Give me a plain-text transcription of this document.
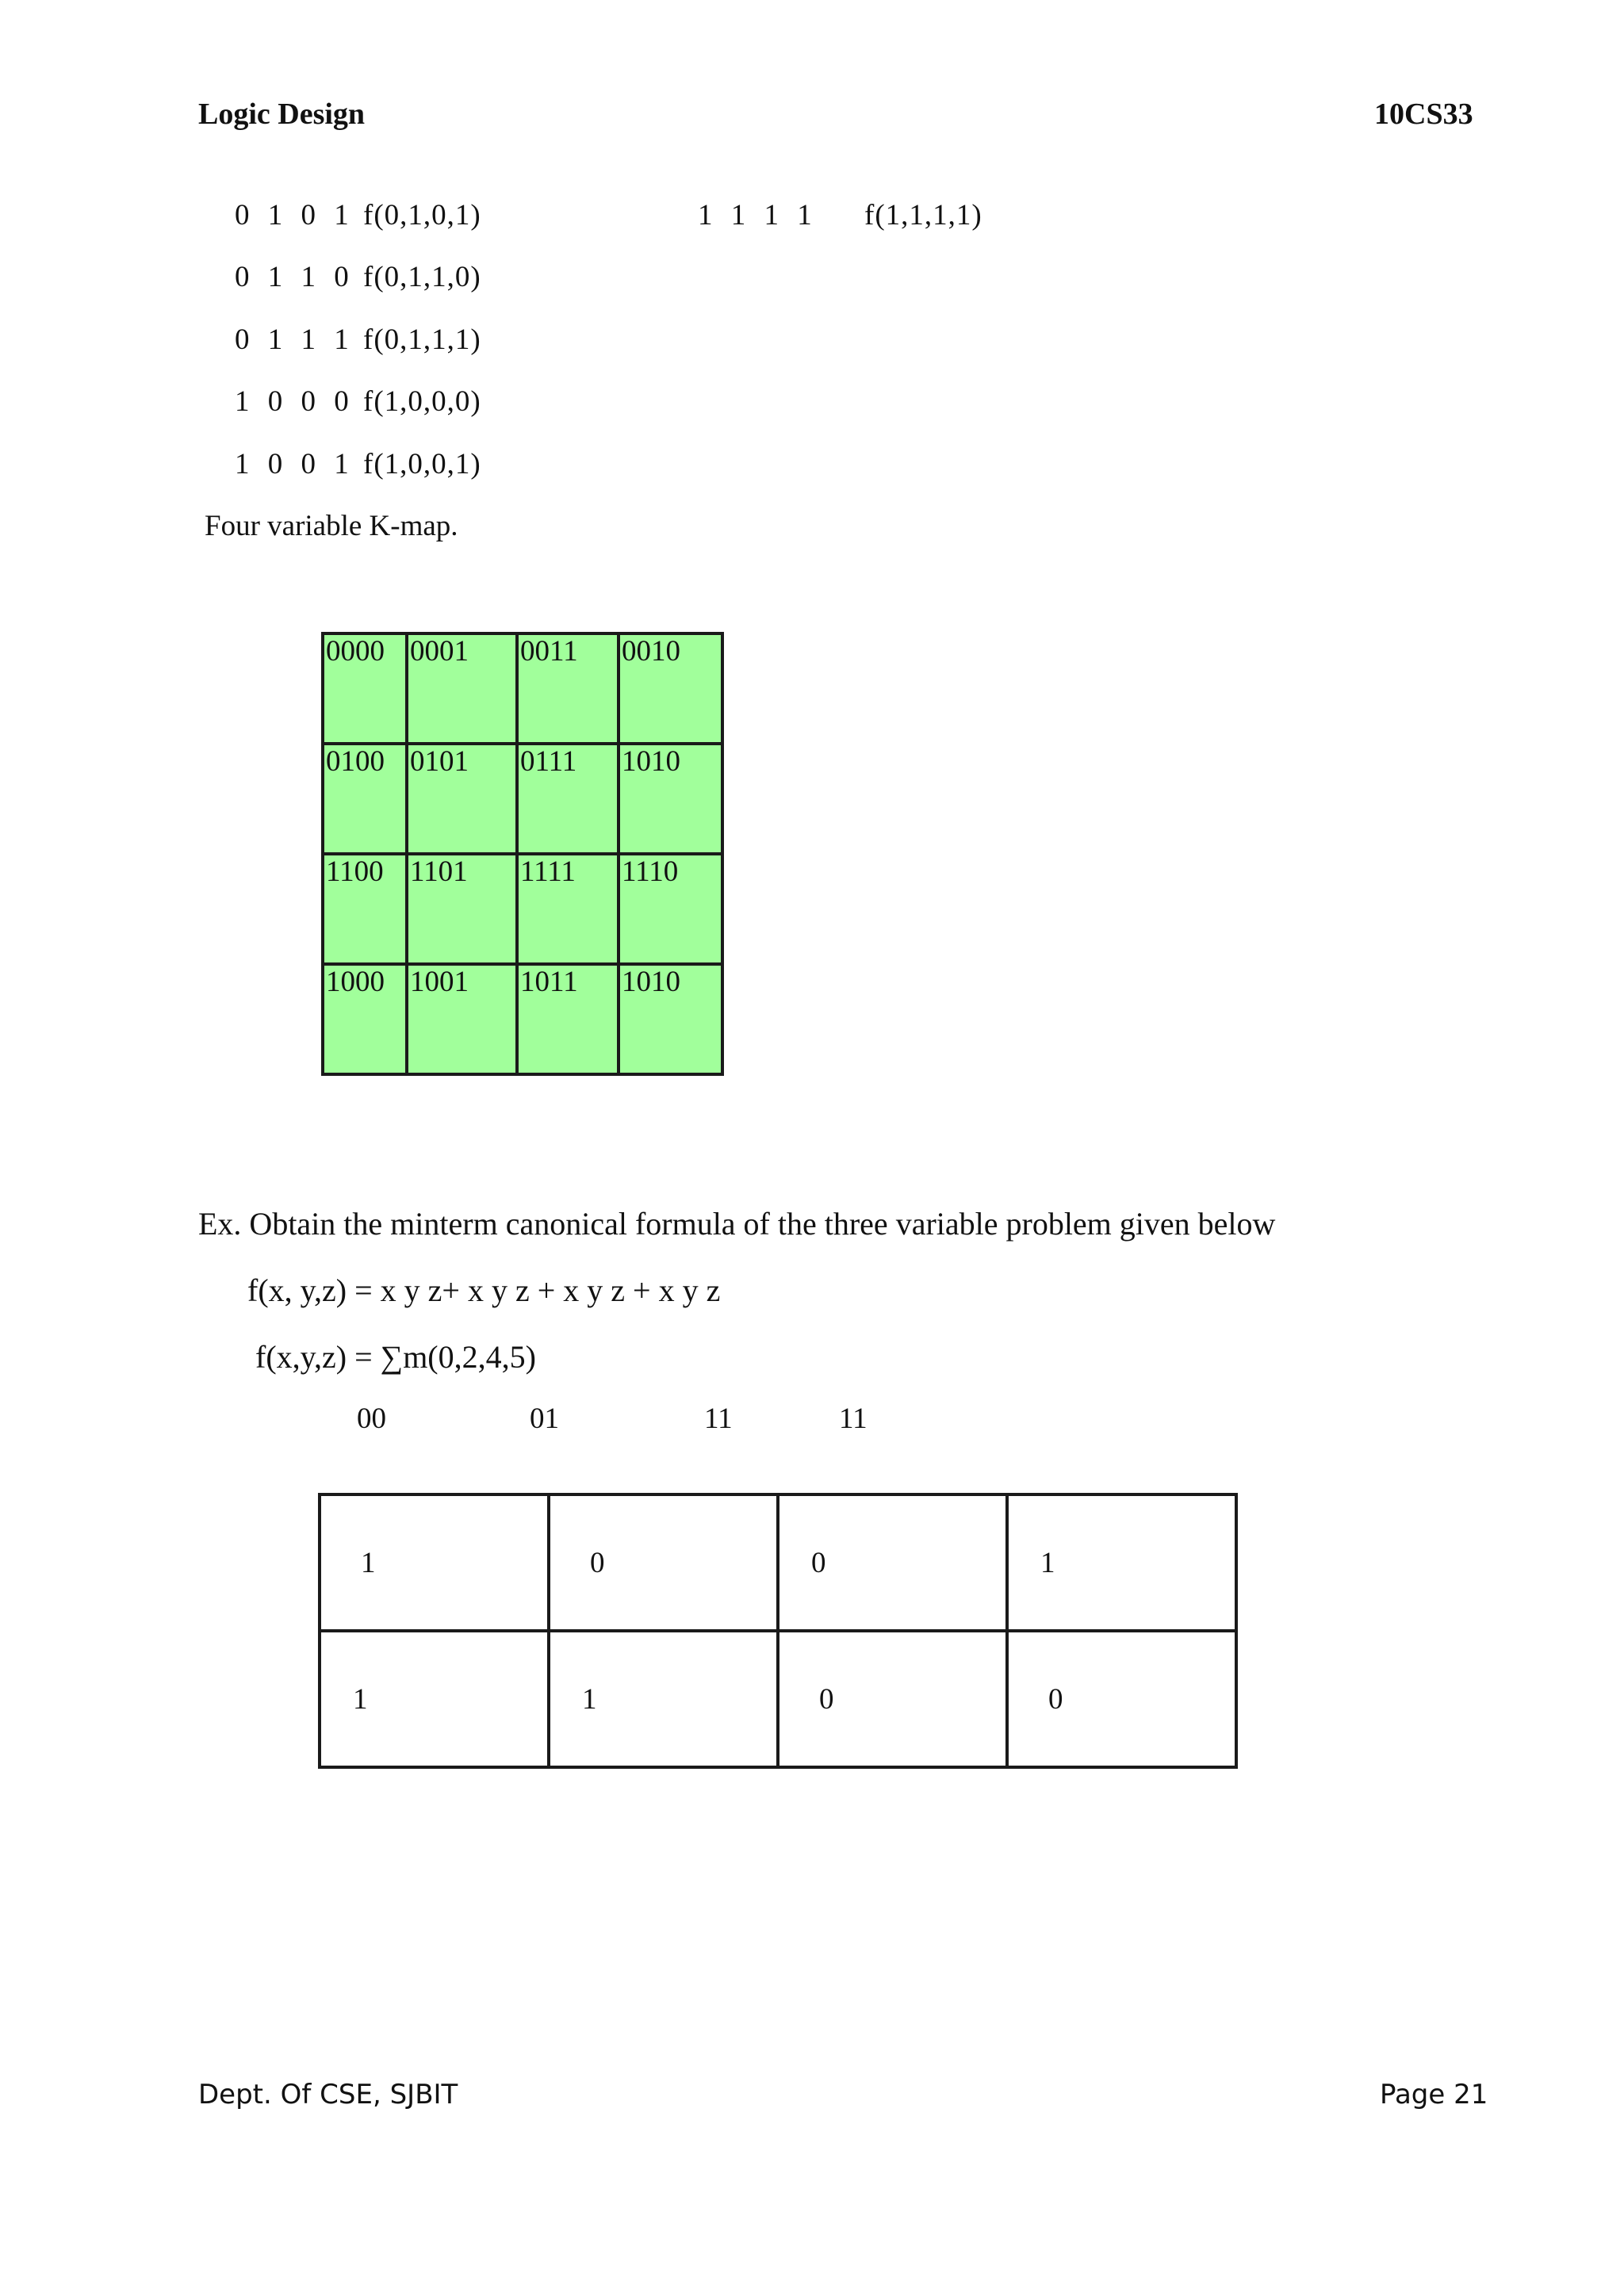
Logic Design	10CS33
0 1 0 1 f(0,1,0,1)
0 1 1 0 f(0,1,1,0)
0 1 1 1 f(0,1,1,1)
1 0 0 0 f(1,0,0,0)
1 0 0 1 f(1,0,0,1)
1 1 1 1 f(1,1,1,1)
Four variable K-map.
0000	0001	0011	0010
0100	0101	0111	1010
1100	1101	1111	1110
1000	1001	1011	1010
Ex. Obtain the minterm canonical formula of the three variable problem given below
f(x, y,z) = x y z+ x y z + x y z + x y z
f(x,y,z) = ∑m(0,2,4,5)
00	01	11	11
1	0	0	1
1	1	0	0
Dept. Of CSE, SJBIT	Page 21
